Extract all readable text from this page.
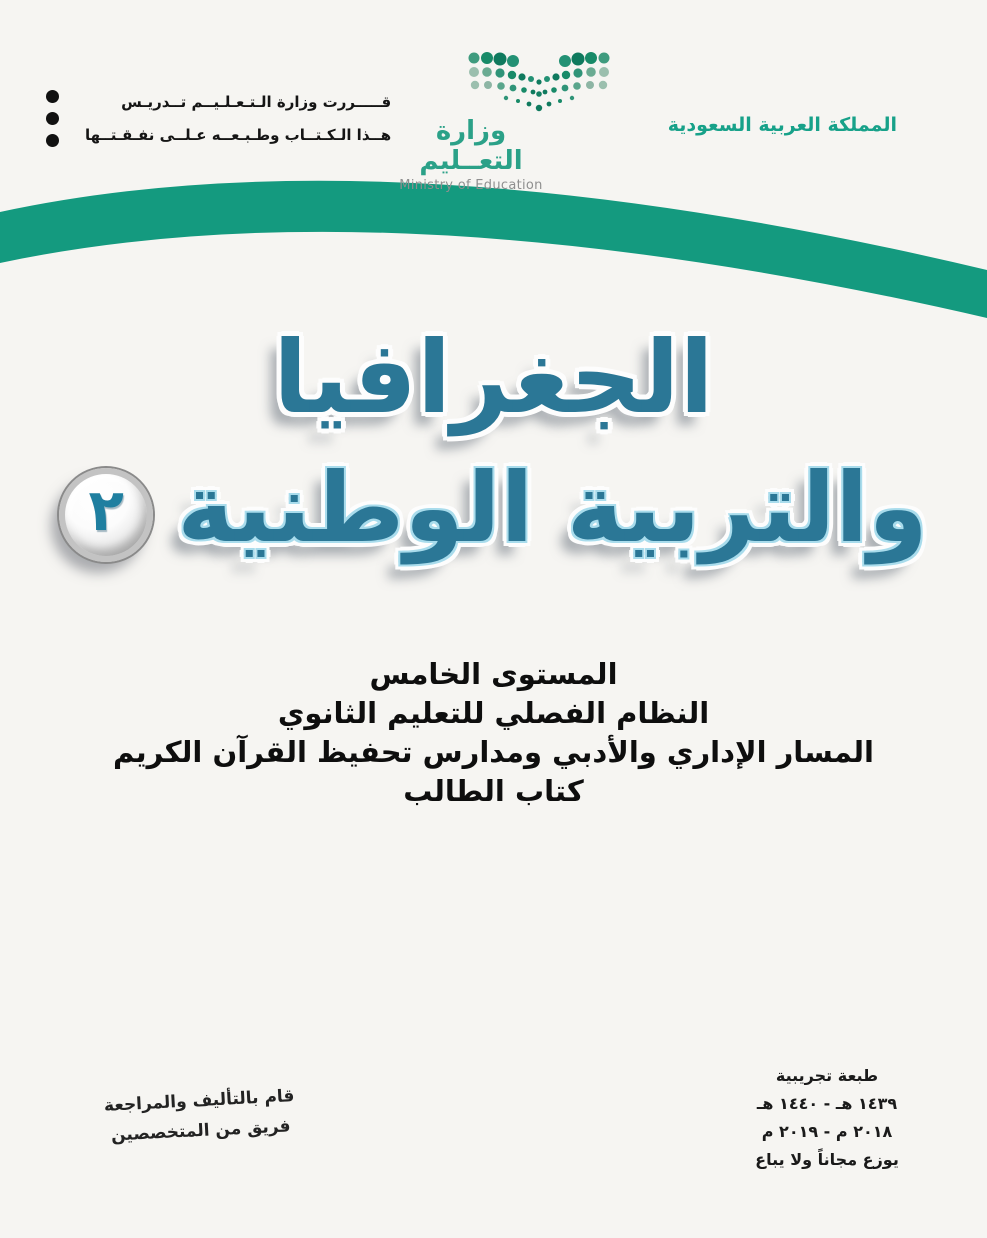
قـــــررت وزارة الـتـعـلـيــم تــدريـس
هــذا الـكـتــاب وطـبـعــه عـلــى نفـقـتــها	وزارة التعــليم
Ministry of Education
المملكة العربية السعودية
الجغرافيا
والتربية الوطنية
٢
المستوى الخامس
النظام الفصلي للتعليم الثانوي
المسار الإداري والأدبي ومدارس تحفيظ القرآن الكريم
كتاب الطالب
قام بالتأليف والمراجعة
فريق من المتخصصين
طبعة تجريبية
١٤٣٩ هـ - ١٤٤٠ هـ
٢٠١٨ م - ٢٠١٩ م
يوزع مجاناً ولا يباع
